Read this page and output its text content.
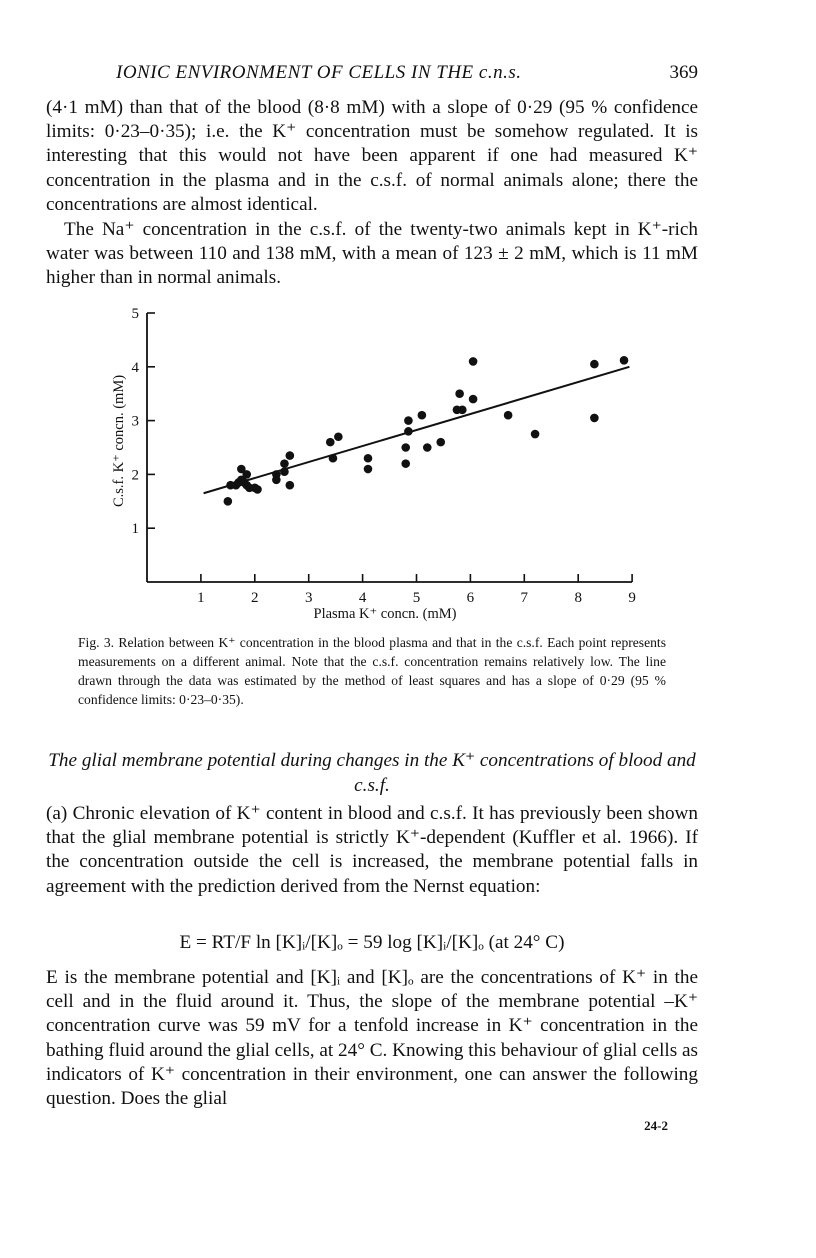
IONIC ENVIRONMENT OF CELLS IN THE c.n.s.	369

(4·1 mM) than that of the blood (8·8 mM) with a slope of 0·29 (95 % confidence limits: 0·23–0·35); i.e. the K⁺ concentration must be somehow regulated. It is interesting that this would not have been apparent if one had measured K⁺ concentration in the plasma and in the c.s.f. of normal animals alone; there the concentrations are almost identical.

The Na⁺ concentration in the c.s.f. of the twenty-two animals kept in K⁺-rich water was between 110 and 138 mM, with a mean of 123 ± 2 mM, which is 11 mM higher than in normal animals.

1	2	3	4	5	6	7	8	9
1
2
3
4
5
Plasma K⁺ concn. (mM)
C.s.f. K⁺ concn. (mM)

Fig. 3. Relation between K⁺ concentration in the blood plasma and that in the c.s.f. Each point represents measurements on a different animal. Note that the c.s.f. concentration remains relatively low. The line drawn through the data was estimated by the method of least squares and has a slope of 0·29 (95 % confidence limits: 0·23–0·35).

The glial membrane potential during changes in the K⁺ concentrations of blood and c.s.f.

(a) Chronic elevation of K⁺ content in blood and c.s.f. It has previously been shown that the glial membrane potential is strictly K⁺-dependent (Kuffler et al. 1966). If the concentration outside the cell is increased, the membrane potential falls in agreement with the prediction derived from the Nernst equation:

E = RT/F ln [K]ᵢ/[K]ₒ = 59 log [K]ᵢ/[K]ₒ (at 24° C)

E is the membrane potential and [K]ᵢ and [K]ₒ are the concentrations of K⁺ in the cell and in the fluid around it. Thus, the slope of the membrane potential –K⁺ concentration curve was 59 mV for a tenfold increase in K⁺ concentration in the bathing fluid around the glial cells, at 24° C. Knowing this behaviour of glial cells as indicators of K⁺ concentration in their environment, one can answer the following question. Does the glial

24-2
